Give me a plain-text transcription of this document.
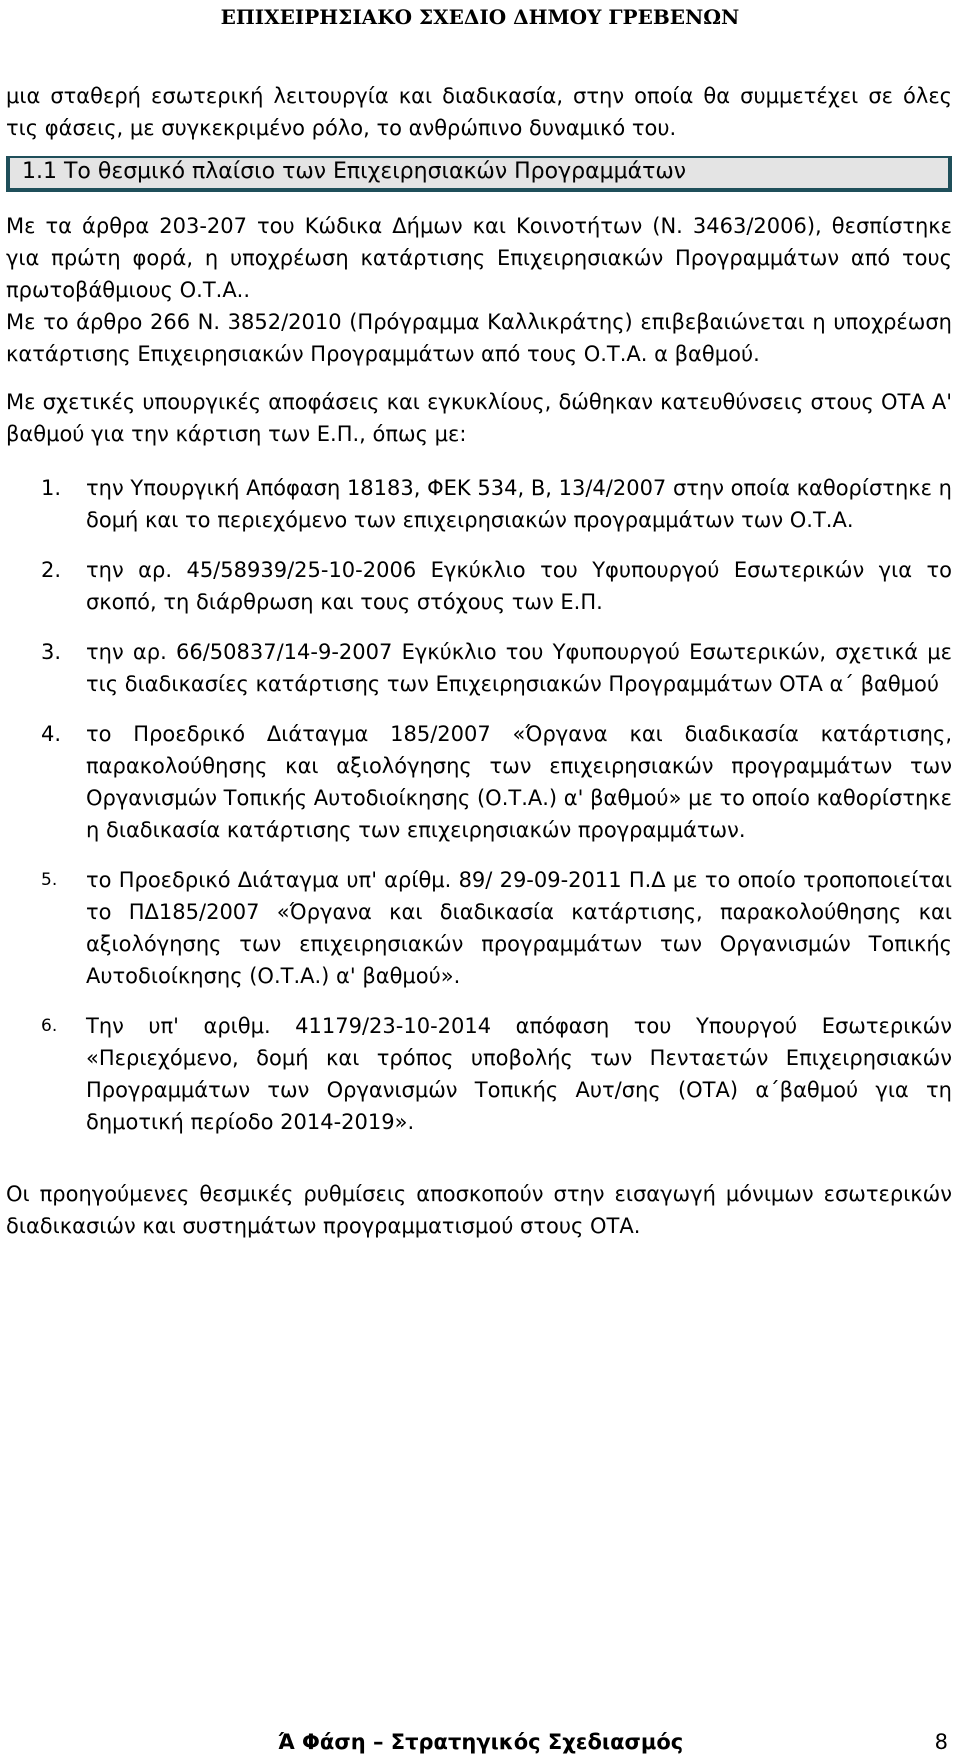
ΕΠΙΧΕΙΡΗΣΙΑΚΟ ΣΧΕΔΙΟ ΔΗΜΟΥ ΓΡΕΒΕΝΩΝ

μια σταθερή εσωτερική λειτουργία και διαδικασία, στην οποία θα συμμετέχει σε όλες τις φάσεις, με συγκεκριμένο ρόλο, το ανθρώπινο δυναμικό του.

1.1 Το θεσμικό πλαίσιο των Επιχειρησιακών Προγραμμάτων

Με τα άρθρα 203-207 του Κώδικα Δήμων και Κοινοτήτων (Ν. 3463/2006), θεσπίστηκε για πρώτη φορά, η υποχρέωση κατάρτισης Επιχειρησιακών Προγραμμάτων από τους πρωτοβάθμιους Ο.Τ.Α..

Με το άρθρο 266 Ν. 3852/2010 (Πρόγραμμα Καλλικράτης) επιβεβαιώνεται η υποχρέωση κατάρτισης Επιχειρησιακών Προγραμμάτων από τους Ο.Τ.Α. α βαθμού.

Με σχετικές υπουργικές αποφάσεις και εγκυκλίους, δώθηκαν κατευθύνσεις στους ΟΤΑ Α' βαθμού για την κάρτιση των Ε.Π., όπως με:

1.	την Υπουργική Απόφαση 18183, ΦΕΚ 534, Β, 13/4/2007 στην οποία καθορίστηκε η δομή και το περιεχόμενο των επιχειρησιακών προγραμμάτων των Ο.Τ.Α.
2.	την αρ. 45/58939/25-10-2006 Εγκύκλιο του Υφυπουργού Εσωτερικών για το σκοπό, τη διάρθρωση και τους στόχους των Ε.Π.
3.	την αρ. 66/50837/14-9-2007 Εγκύκλιο του Υφυπουργού Εσωτερικών, σχετικά με τις διαδικασίες κατάρτισης των Επιχειρησιακών Προγραμμάτων ΟΤΑ α΄ βαθμού
4.	το Προεδρικό Διάταγμα 185/2007 «Όργανα και διαδικασία κατάρτισης, παρακολούθησης και αξιολόγησης των επιχειρησιακών προγραμμάτων των Οργανισμών Τοπικής Αυτοδιοίκησης (Ο.Τ.Α.) α' βαθμού» με το οποίο καθορίστηκε η διαδικασία κατάρτισης των επιχειρησιακών προγραμμάτων.
5.	το Προεδρικό Διάταγμα υπ' αρίθμ. 89/ 29-09-2011 Π.Δ με το οποίο τροποποιείται το ΠΔ185/2007 «Όργανα και διαδικασία κατάρτισης, παρακολούθησης και αξιολόγησης των επιχειρησιακών προγραμμάτων των Οργανισμών Τοπικής Αυτοδιοίκησης (Ο.Τ.Α.) α' βαθμού».
6.	Την υπ' αριθμ. 41179/23-10-2014 απόφαση του Υπουργού Εσωτερικών «Περιεχόμενο, δομή και τρόπος υποβολής των Πενταετών Επιχειρησιακών Προγραμμάτων των Οργανισμών Τοπικής Αυτ/σης (ΟΤΑ) α΄βαθμού για τη δημοτική περίοδο 2014-2019».

Οι προηγούμενες θεσμικές ρυθμίσεις αποσκοπούν στην εισαγωγή μόνιμων εσωτερικών διαδικασιών και συστημάτων προγραμματισμού στους ΟΤΑ.

Ά Φάση – Στρατηγικός Σχεδιασμός	8
